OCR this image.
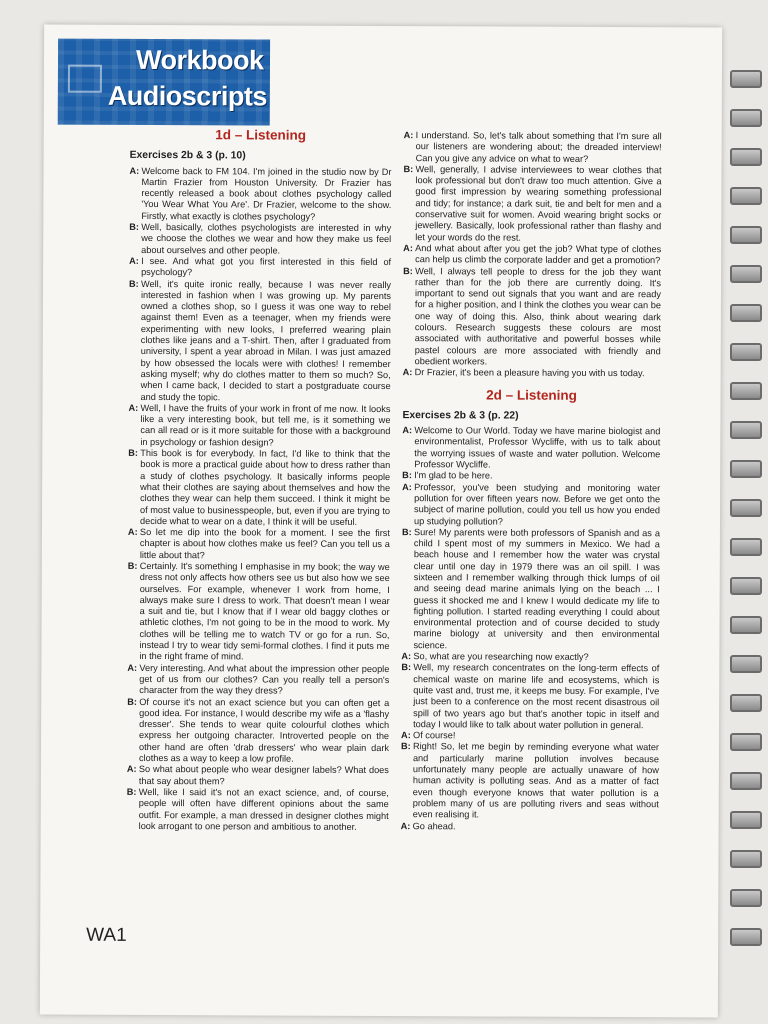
Workbook
Audioscripts
1d – Listening
Exercises 2b & 3 (p. 10)
A: Welcome back to FM 104. I'm joined in the studio now by Dr Martin Frazier from Houston University. Dr Frazier has recently released a book about clothes psychology called 'You Wear What You Are'. Dr Frazier, welcome to the show. Firstly, what exactly is clothes psychology?
B: Well, basically, clothes psychologists are interested in why we choose the clothes we wear and how they make us feel about ourselves and other people.
A: I see. And what got you first interested in this field of psychology?
B: Well, it's quite ironic really, because I was never really interested in fashion when I was growing up. My parents owned a clothes shop, so I guess it was one way to rebel against them! Even as a teenager, when my friends were experimenting with new looks, I preferred wearing plain clothes like jeans and a T-shirt. Then, after I graduated from university, I spent a year abroad in Milan. I was just amazed by how obsessed the locals were with clothes! I remember asking myself; why do clothes matter to them so much? So, when I came back, I decided to start a postgraduate course and study the topic.
A: Well, I have the fruits of your work in front of me now. It looks like a very interesting book, but tell me, is it something we can all read or is it more suitable for those with a background in psychology or fashion design?
B: This book is for everybody. In fact, I'd like to think that the book is more a practical guide about how to dress rather than a study of clothes psychology. It basically informs people what their clothes are saying about themselves and how the clothes they wear can help them succeed. I think it might be of most value to businesspeople, but, even if you are trying to decide what to wear on a date, I think it will be useful.
A: So let me dip into the book for a moment. I see the first chapter is about how clothes make us feel? Can you tell us a little about that?
B: Certainly. It's something I emphasise in my book; the way we dress not only affects how others see us but also how we see ourselves. For example, whenever I work from home, I always make sure I dress to work. That doesn't mean I wear a suit and tie, but I know that if I wear old baggy clothes or athletic clothes, I'm not going to be in the mood to work. My clothes will be telling me to watch TV or go for a run. So, instead I try to wear tidy semi-formal clothes. I find it puts me in the right frame of mind.
A: Very interesting. And what about the impression other people get of us from our clothes? Can you really tell a person's character from the way they dress?
B: Of course it's not an exact science but you can often get a good idea. For instance, I would describe my wife as a 'flashy dresser'. She tends to wear quite colourful clothes which express her outgoing character. Introverted people on the other hand are often 'drab dressers' who wear plain dark clothes as a way to keep a low profile.
A: So what about people who wear designer labels? What does that say about them?
B: Well, like I said it's not an exact science, and, of course, people will often have different opinions about the same outfit. For example, a man dressed in designer clothes might look arrogant to one person and ambitious to another.
A: I understand. So, let's talk about something that I'm sure all our listeners are wondering about; the dreaded interview! Can you give any advice on what to wear?
B: Well, generally, I advise interviewees to wear clothes that look professional but don't draw too much attention. Give a good first impression by wearing something professional and tidy; for instance; a dark suit, tie and belt for men and a conservative suit for women. Avoid wearing bright socks or jewellery. Basically, look professional rather than flashy and let your words do the rest.
A: And what about after you get the job? What type of clothes can help us climb the corporate ladder and get a promotion?
B: Well, I always tell people to dress for the job they want rather than for the job there are currently doing. It's important to send out signals that you want and are ready for a higher position, and I think the clothes you wear can be one way of doing this. Also, think about wearing dark colours. Research suggests these colours are most associated with authoritative and powerful bosses while pastel colours are more associated with friendly and obedient workers.
A: Dr Frazier, it's been a pleasure having you with us today.
2d – Listening
Exercises 2b & 3 (p. 22)
A: Welcome to Our World. Today we have marine biologist and environmentalist, Professor Wycliffe, with us to talk about the worrying issues of waste and water pollution. Welcome Professor Wycliffe.
B: I'm glad to be here.
A: Professor, you've been studying and monitoring water pollution for over fifteen years now. Before we get onto the subject of marine pollution, could you tell us how you ended up studying pollution?
B: Sure! My parents were both professors of Spanish and as a child I spent most of my summers in Mexico. We had a beach house and I remember how the water was crystal clear until one day in 1979 there was an oil spill. I was sixteen and I remember walking through thick lumps of oil and seeing dead marine animals lying on the beach ... I guess it shocked me and I knew I would dedicate my life to fighting pollution. I started reading everything I could about environmental protection and of course decided to study marine biology at university and then environmental science.
A: So, what are you researching now exactly?
B: Well, my research concentrates on the long-term effects of chemical waste on marine life and ecosystems, which is quite vast and, trust me, it keeps me busy. For example, I've just been to a conference on the most recent disastrous oil spill of two years ago but that's another topic in itself and today I would like to talk about water pollution in general.
A: Of course!
B: Right! So, let me begin by reminding everyone what water and particularly marine pollution involves because unfortunately many people are actually unaware of how human activity is polluting seas. And as a matter of fact even though everyone knows that water pollution is a problem many of us are polluting rivers and seas without even realising it.
A: Go ahead.
WA1
